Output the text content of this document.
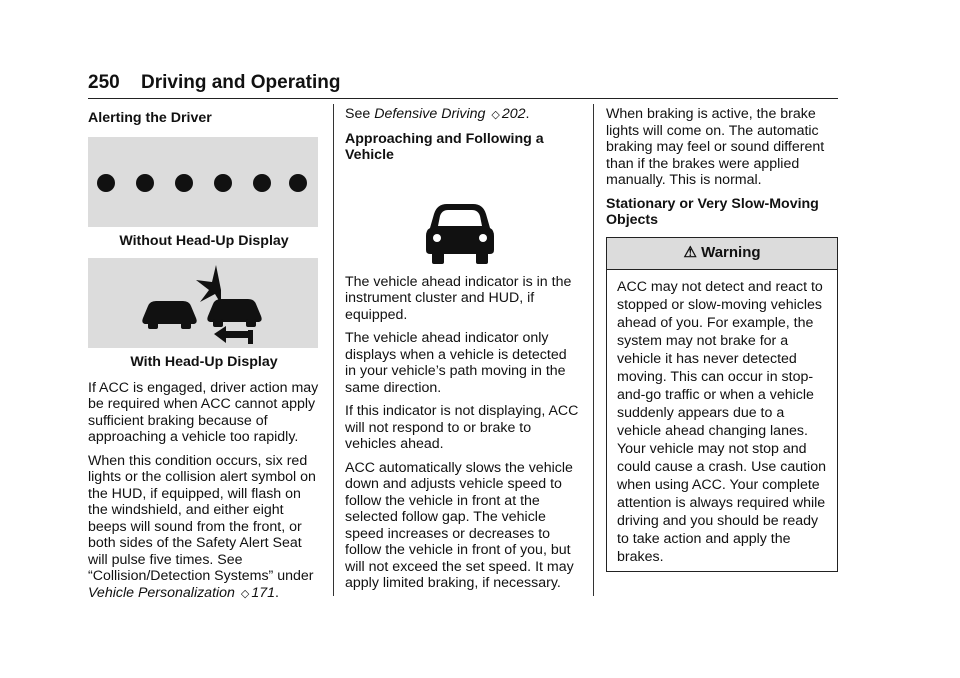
250 Driving and Operating
Alerting the Driver
Without Head-Up Display
With Head-Up Display

If ACC is engaged, driver action may be required when ACC cannot apply sufficient braking because of approaching a vehicle too rapidly.

When this condition occurs, six red lights or the collision alert symbol on the HUD, if equipped, will flash on the windshield, and either eight beeps will sound from the front, or both sides of the Safety Alert Seat will pulse five times. See “Collision/Detection Systems” under
Vehicle Personalization ◇ 171.

See Defensive Driving ◇ 202.

Approaching and Following a Vehicle

The vehicle ahead indicator is in the instrument cluster and HUD, if equipped.

The vehicle ahead indicator only displays when a vehicle is detected in your vehicle’s path moving in the same direction.

If this indicator is not displaying, ACC will not respond to or brake to vehicles ahead.

ACC automatically slows the vehicle down and adjusts vehicle speed to follow the vehicle in front at the selected follow gap. The vehicle speed increases or decreases to follow the vehicle in front of you, but will not exceed the set speed. It may apply limited braking, if necessary.

When braking is active, the brake lights will come on. The automatic braking may feel or sound different than if the brakes were applied manually. This is normal.

Stationary or Very Slow-Moving Objects
⚠ Warning
ACC may not detect and react to stopped or slow-moving vehicles ahead of you. For example, the system may not brake for a vehicle it has never detected moving. This can occur in stop-and-go traffic or when a vehicle suddenly appears due to a vehicle ahead changing lanes. Your vehicle may not stop and could cause a crash. Use caution when using ACC. Your complete attention is always required while driving and you should be ready to take action and apply the brakes.
